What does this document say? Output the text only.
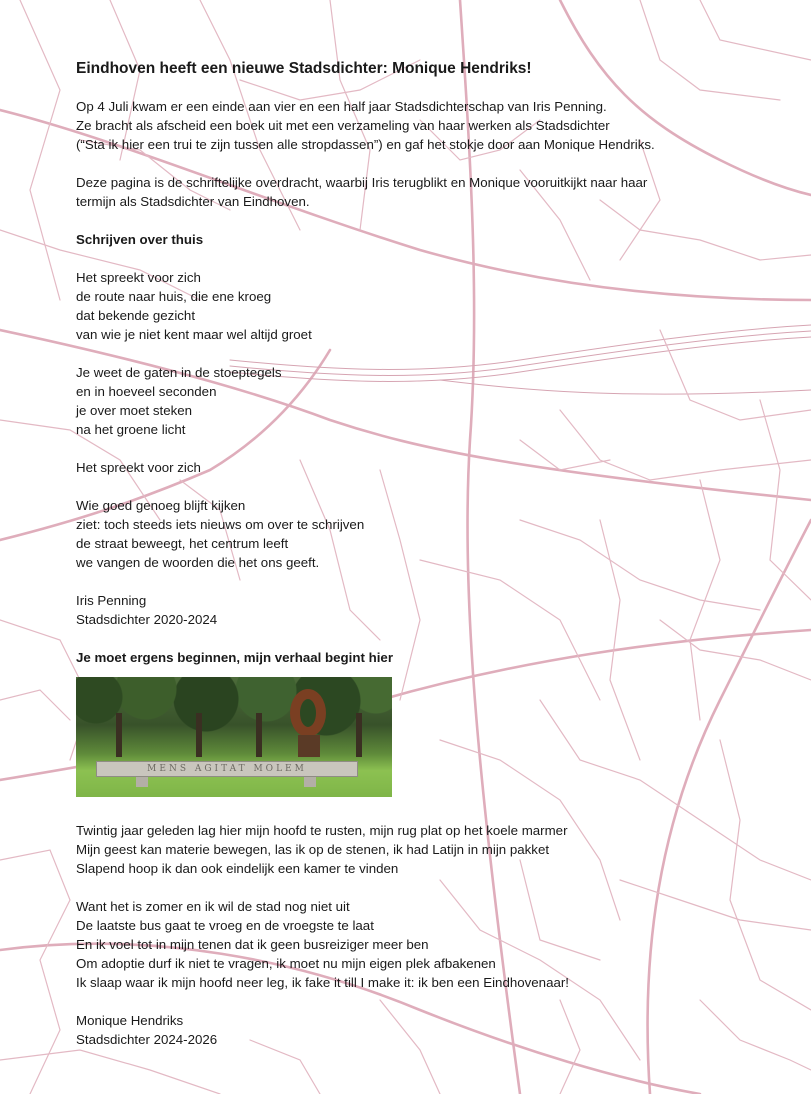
Eindhoven heeft een nieuwe Stadsdichter: Monique Hendriks!

Op 4 Juli kwam er een einde aan vier en een half jaar Stadsdichterschap van Iris Penning.

Ze bracht als afscheid een boek uit met een verzameling van haar werken als Stadsdichter

(“Sta ik hier een trui te zijn tussen alle stropdassen”) en gaf het stokje door aan Monique Hendriks.

Deze pagina is de schriftelijke overdracht, waarbij Iris terugblikt en Monique vooruitkijkt naar haar

termijn als Stadsdichter van Eindhoven.

Schrijven over thuis

Het spreekt voor zich

de route naar huis, die ene kroeg

dat bekende gezicht

van wie je niet kent maar wel altijd groet

Je weet de gaten in de stoeptegels

en in hoeveel seconden

je over moet steken

na het groene licht

Het spreekt voor zich

Wie goed genoeg blijft kijken

ziet: toch steeds iets nieuws om over te schrijven

de straat beweegt, het centrum leeft

we vangen de woorden die het ons geeft.

Iris Penning

Stadsdichter 2020-2024

Je moet ergens beginnen, mijn verhaal begint hier

MENS AGITAT MOLEM

Twintig jaar geleden lag hier mijn hoofd te rusten, mijn rug plat op het koele marmer

Mijn geest kan materie bewegen, las ik op de stenen, ik had Latijn in mijn pakket

Slapend hoop ik dan ook eindelijk een kamer te vinden

Want het is zomer en ik wil de stad nog niet uit

De laatste bus gaat te vroeg en de vroegste te laat

En ik voel tot in mijn tenen dat ik geen busreiziger meer ben

Om adoptie durf ik niet te vragen, ik moet nu mijn eigen plek afbakenen

Ik slaap waar ik mijn hoofd neer leg, ik fake it till I make it: ik ben een Eindhovenaar!

Monique Hendriks

Stadsdichter 2024-2026
